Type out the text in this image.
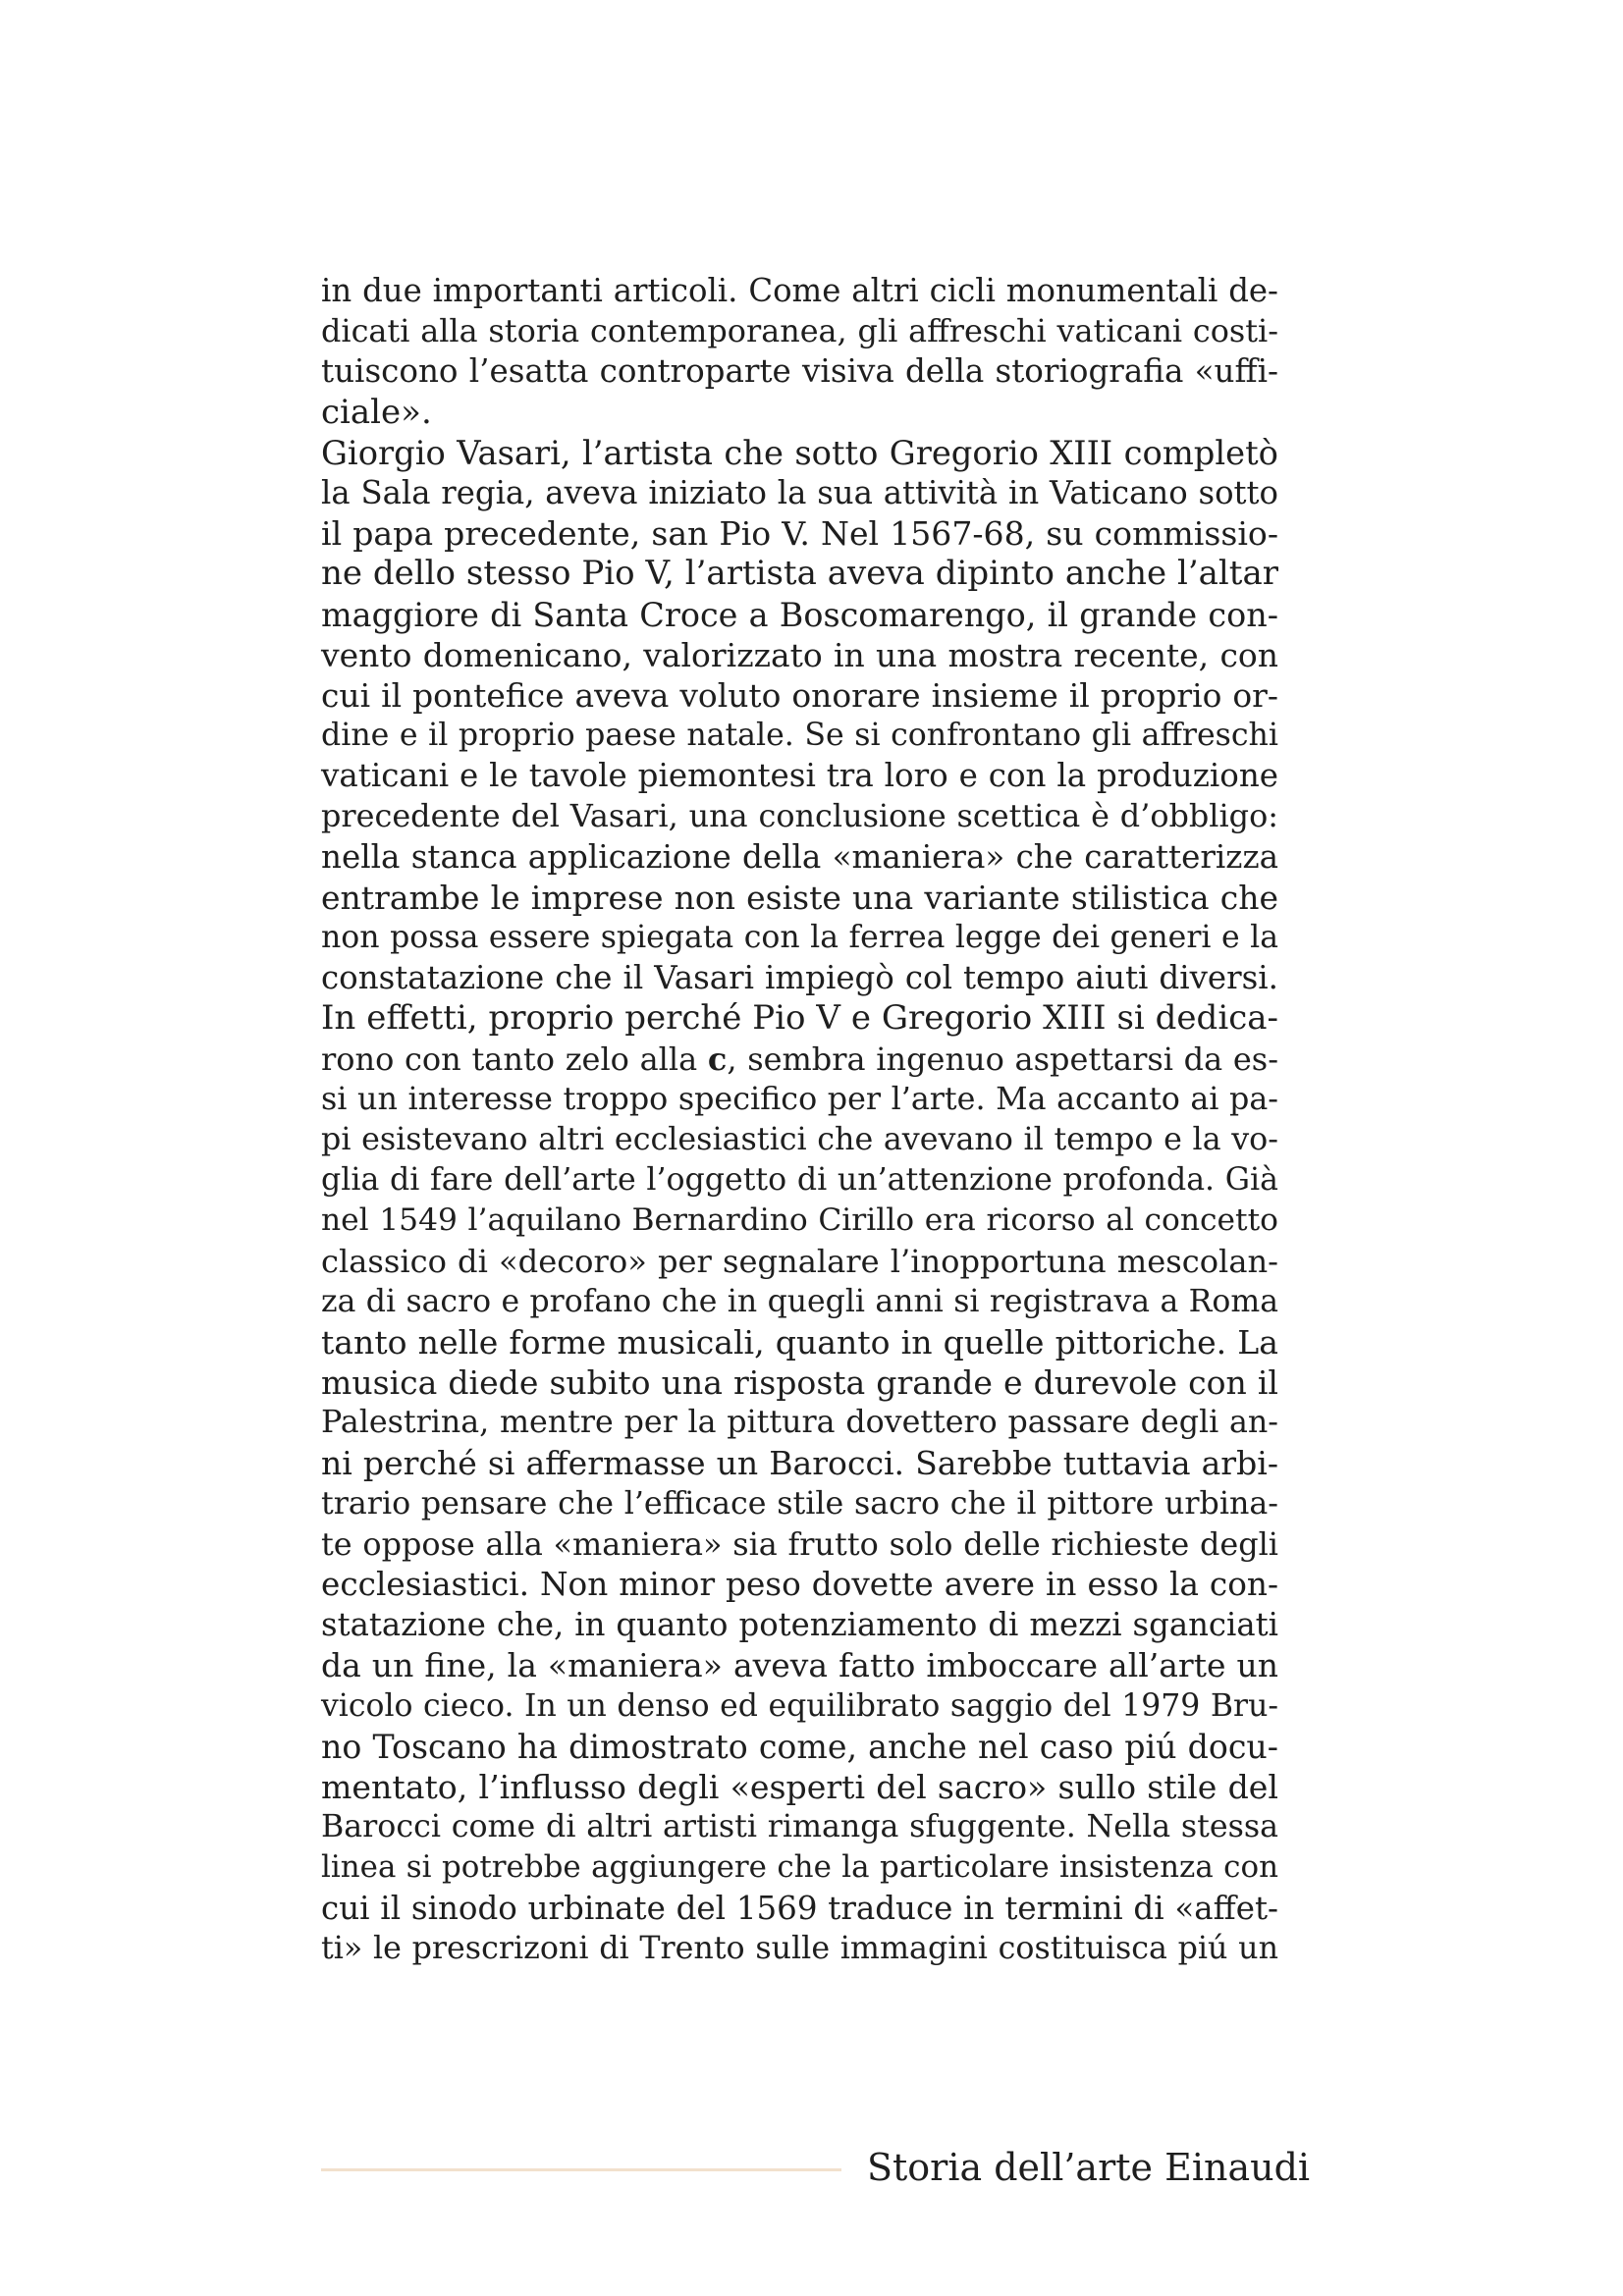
in due importanti articoli. Come altri cicli monumentali de-
dicati alla storia contemporanea, gli affreschi vaticani costi-
tuiscono l’esatta controparte visiva della storiografia «uffi-
ciale».
Giorgio Vasari, l’artista che sotto Gregorio XIII completò
la Sala regia, aveva iniziato la sua attività in Vaticano sotto
il papa precedente, san Pio V. Nel 1567-68, su commissio-
ne dello stesso Pio V, l’artista aveva dipinto anche l’altar
maggiore di Santa Croce a Boscomarengo, il grande con-
vento domenicano, valorizzato in una mostra recente, con
cui il pontefice aveva voluto onorare insieme il proprio or-
dine e il proprio paese natale. Se si confrontano gli affreschi
vaticani e le tavole piemontesi tra loro e con la produzione
precedente del Vasari, una conclusione scettica è d’obbligo:
nella stanca applicazione della «maniera» che caratterizza
entrambe le imprese non esiste una variante stilistica che
non possa essere spiegata con la ferrea legge dei generi e la
constatazione che il Vasari impiegò col tempo aiuti diversi.
In effetti, proprio perché Pio V e Gregorio XIII si dedica-
rono con tanto zelo alla c, sembra ingenuo aspettarsi da es-
si un interesse troppo specifico per l’arte. Ma accanto ai pa-
pi esistevano altri ecclesiastici che avevano il tempo e la vo-
glia di fare dell’arte l’oggetto di un’attenzione profonda. Già
nel 1549 l’aquilano Bernardino Cirillo era ricorso al concetto
classico di «decoro» per segnalare l’inopportuna mescolan-
za di sacro e profano che in quegli anni si registrava a Roma
tanto nelle forme musicali, quanto in quelle pittoriche. La
musica diede subito una risposta grande e durevole con il
Palestrina, mentre per la pittura dovettero passare degli an-
ni perché si affermasse un Barocci. Sarebbe tuttavia arbi-
trario pensare che l’efficace stile sacro che il pittore urbina-
te oppose alla «maniera» sia frutto solo delle richieste degli
ecclesiastici. Non minor peso dovette avere in esso la con-
statazione che, in quanto potenziamento di mezzi sganciati
da un fine, la «maniera» aveva fatto imboccare all’arte un
vicolo cieco. In un denso ed equilibrato saggio del 1979 Bru-
no Toscano ha dimostrato come, anche nel caso piú docu-
mentato, l’influsso degli «esperti del sacro» sullo stile del
Barocci come di altri artisti rimanga sfuggente. Nella stessa
linea si potrebbe aggiungere che la particolare insistenza con
cui il sinodo urbinate del 1569 traduce in termini di «affet-
ti» le prescrizoni di Trento sulle immagini costituisca piú un
Storia dell’arte Einaudi
